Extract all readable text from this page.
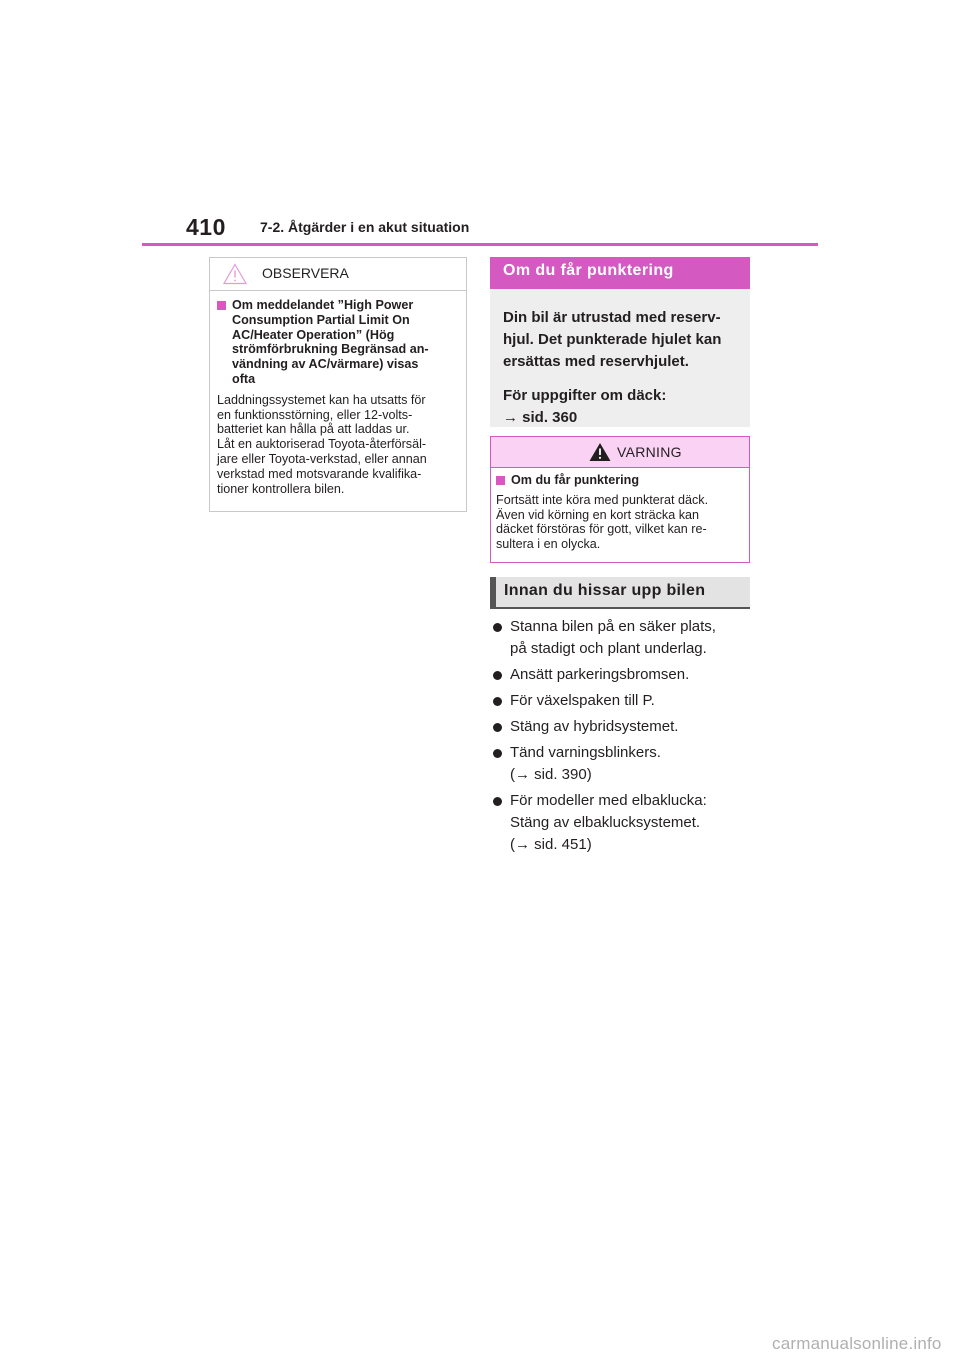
410 7-2. Åtgärder i en akut situation
OBSERVERA
Om meddelandet ”High Power
Consumption Partial Limit On
AC/Heater Operation” (Hög
strömförbrukning Begränsad an-
vändning av AC/värmare) visas
ofta

Laddningssystemet kan ha utsatts för

en funktionsstörning, eller 12-volts-

batteriet kan hålla på att laddas ur.

Låt en auktoriserad Toyota-återförsäl-

jare eller Toyota-verkstad, eller annan

verkstad med motsvarande kvalifika-

tioner kontrollera bilen.

Om du får punktering

Din bil är utrustad med reserv-

hjul. Det punkterade hjulet kan

ersättas med reservhjulet.

För uppgifter om däck:

→ sid. 360

VARNING
Om du får punktering

Fortsätt inte köra med punkterat däck.

Även vid körning en kort sträcka kan

däcket förstöras för gott, vilket kan re-

sultera i en olycka.

Innan du hissar upp bilen
Stanna bilen på en säker plats,
på stadigt och plant underlag.
Ansätt parkeringsbromsen.
För växelspaken till P.
Stäng av hybridsystemet.
Tänd varningsblinkers.
(→ sid. 390)
För modeller med elbaklucka:
Stäng av elbaklucksystemet.
(→ sid. 451)
carmanualsonline.info
